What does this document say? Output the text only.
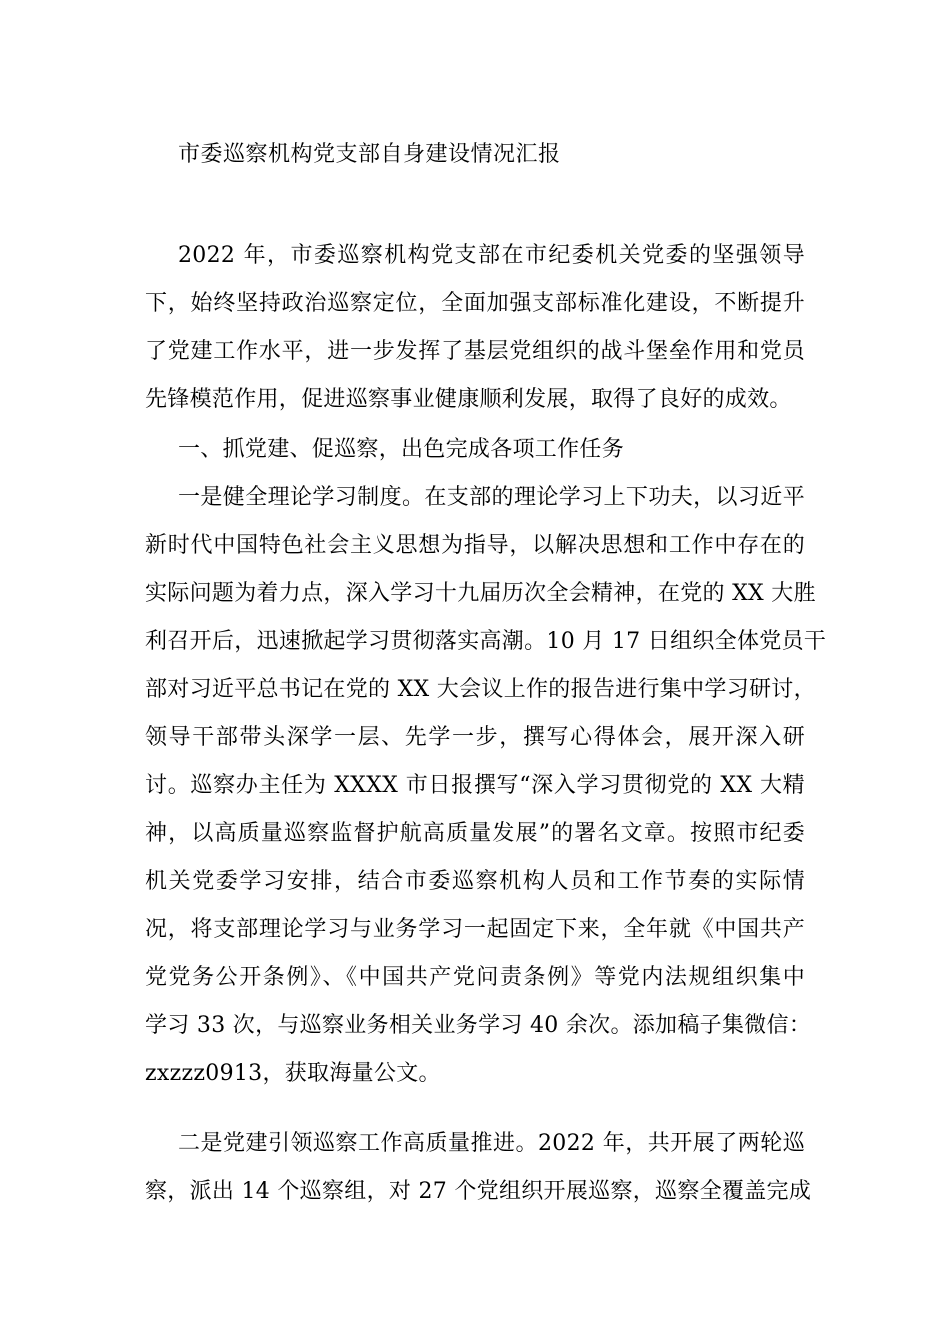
市委巡察机构党支部自身建设情况汇报
2022 年，市委巡察机构党支部在市纪委机关党委的坚强领导
下，始终坚持政治巡察定位，全面加强支部标准化建设，不断提升
了党建工作水平，进一步发挥了基层党组织的战斗堡垒作用和党员
先锋模范作用，促进巡察事业健康顺利发展，取得了良好的成效。
一、抓党建、促巡察，出色完成各项工作任务
一是健全理论学习制度。在支部的理论学习上下功夫，以习近平
新时代中国特色社会主义思想为指导，以解决思想和工作中存在的
实际问题为着力点，深入学习十九届历次全会精神，在党的 XX 大胜
利召开后，迅速掀起学习贯彻落实高潮。10 月 17 日组织全体党员干
部对习近平总书记在党的 XX 大会议上作的报告进行集中学习研讨，
领导干部带头深学一层、先学一步，撰写心得体会，展开深入研
讨。巡察办主任为 XXXX 市日报撰写“深入学习贯彻党的 XX 大精
神，以高质量巡察监督护航高质量发展”的署名文章。按照市纪委
机关党委学习安排，结合市委巡察机构人员和工作节奏的实际情
况，将支部理论学习与业务学习一起固定下来，全年就《中国共产
党党务公开条例》、《中国共产党问责条例》等党内法规组织集中
学习 33 次，与巡察业务相关业务学习 40 余次。添加稿子集微信：
zxzzz0913，获取海量公文。
二是党建引领巡察工作高质量推进。2022 年，共开展了两轮巡
察，派出 14 个巡察组，对 27 个党组织开展巡察，巡察全覆盖完成
